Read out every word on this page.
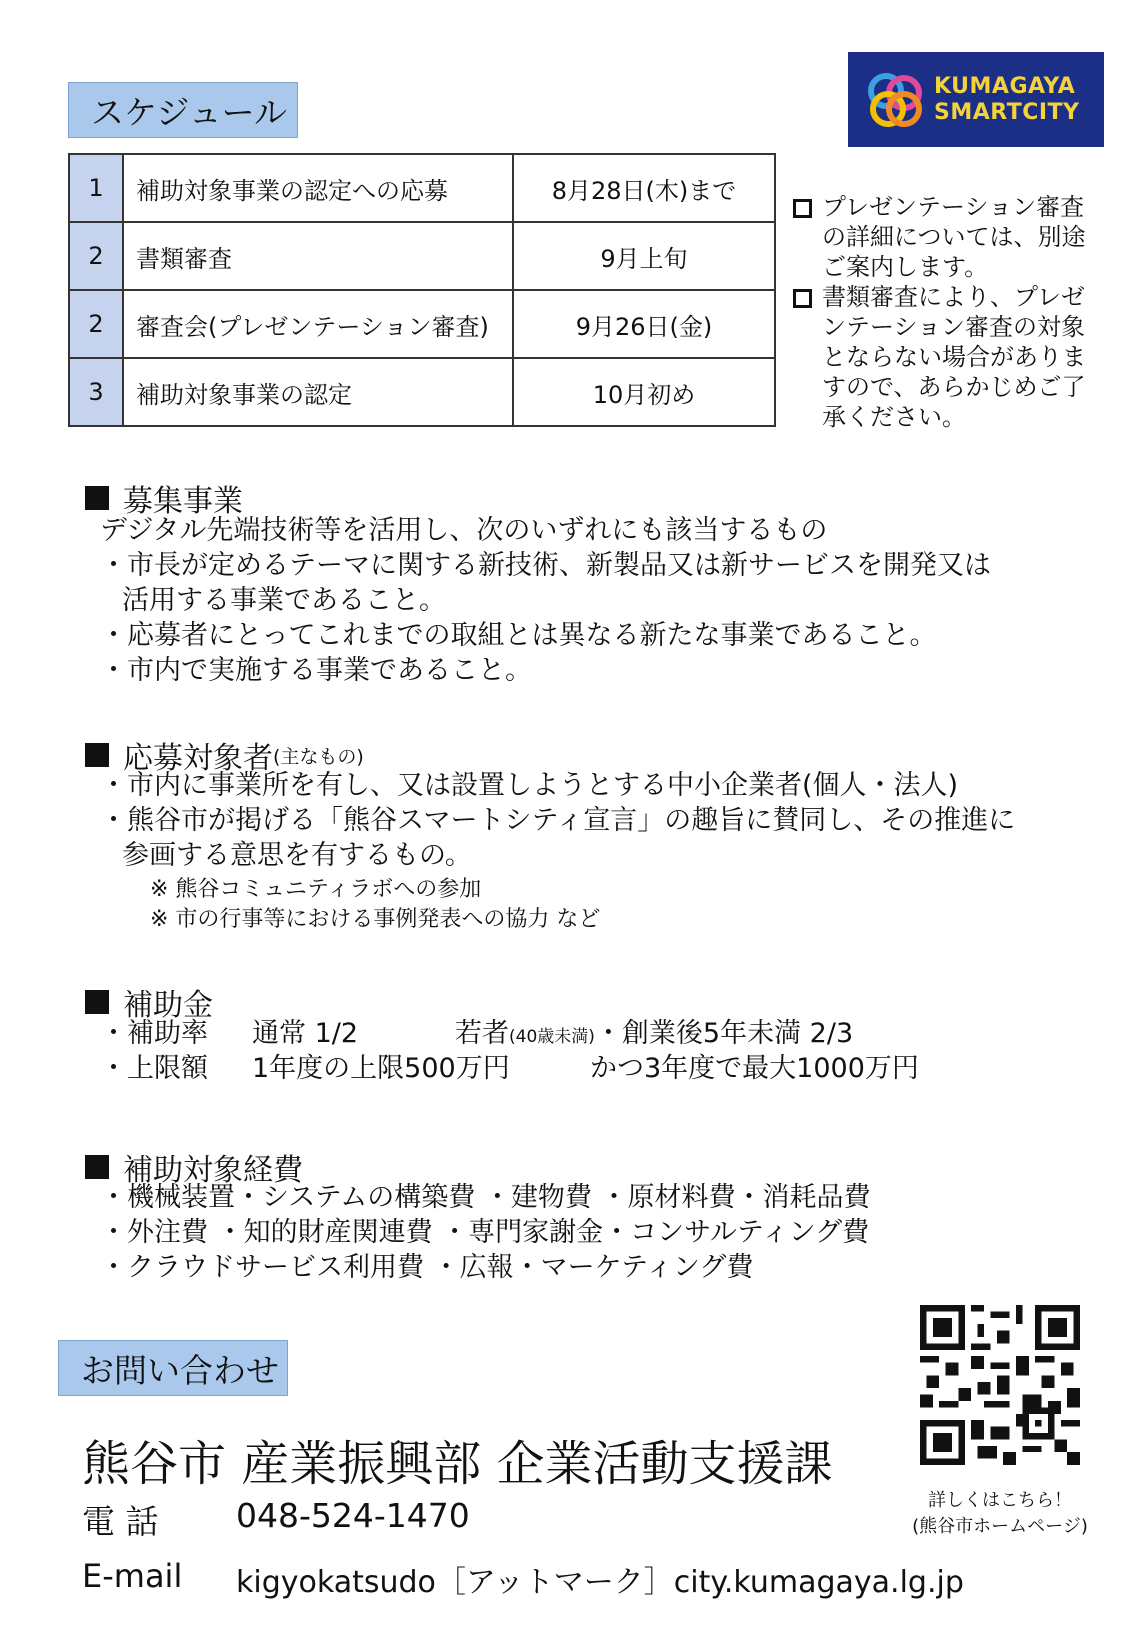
スケジュール
KUMAGAYA
SMARTCITY
1	補助対象事業の認定への応募	8月28日(木)まで
2	書類審査	9月上旬
2	審査会(プレゼンテーション審査)	9月26日(金)
3	補助対象事業の認定	10月初め
プレゼンテーション審査の詳細については、別途ご案内します。
書類審査により、プレゼンテーション審査の対象とならない場合がありますので、あらかじめご了承ください。
募集事業
デジタル先端技術等を活用し、次のいずれにも該当するもの
・市長が定めるテーマに関する新技術、新製品又は新サービスを開発又は
活用する事業であること。
・応募者にとってこれまでの取組とは異なる新たな事業であること。
・市内で実施する事業であること。
応募対象者 (主なもの)
・市内に事業所を有し、又は設置しようとする中小企業者(個人・法人)
・熊谷市が掲げる「熊谷スマートシティ宣言」の趣旨に賛同し、その推進に
参画する意思を有するもの。
※ 熊谷コミュニティラボへの参加
※ 市の行事等における事例発表への協力 など
補助金
・補助率 通常 1/2	若者(40歳未満)・創業後5年未満 2/3
・上限額 1年度の上限500万円	かつ3年度で最大1000万円
補助対象経費
・機械装置・システムの構築費 ・建物費 ・原材料費・消耗品費
・外注費 ・知的財産関連費 ・専門家謝金・コンサルティング費
・クラウドサービス利用費 ・広報・マーケティング費
お問い合わせ
熊谷市 産業振興部 企業活動支援課
電 話 048-524-1470
E-mail kigyokatsudo［アットマーク］city.kumagaya.lg.jp
詳しくはこちら！
(熊谷市ホームページ)
